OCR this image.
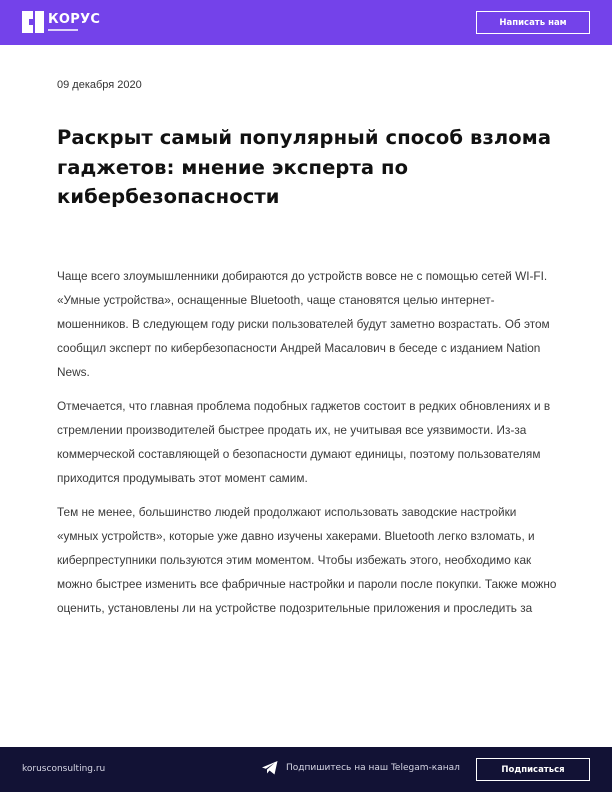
КОРУС	Написать нам
09 декабря 2020
Раскрыт самый популярный способ взлома гаджетов: мнение эксперта по кибербезопасности

Чаще всего злоумышленники добираются до устройств вовсе не с помощью сетей WI-FI.

«Умные устройства», оснащенные Bluetooth, чаще становятся целью интернет-мошенников. В следующем году риски пользователей будут заметно возрастать. Об этом сообщил эксперт по кибербезопасности Андрей Масалович в беседе с изданием Nation News.

Отмечается, что главная проблема подобных гаджетов состоит в редких обновлениях и в стремлении производителей быстрее продать их, не учитывая все уязвимости. Из-за коммерческой составляющей о безопасности думают единицы, поэтому пользователям приходится продумывать этот момент самим.

Тем не менее, большинство людей продолжают использовать заводские настройки «умных устройств», которые уже давно изучены хакерами. Bluetooth легко взломать, и киберпреступники пользуются этим моментом. Чтобы избежать этого, необходимо как можно быстрее изменить все фабричные настройки и пароли после покупки. Также можно оценить, установлены ли на устройстве подозрительные приложения и проследить за

korusconsulting.ru	Подпишитесь на наш Telegam-канал	Подписаться
